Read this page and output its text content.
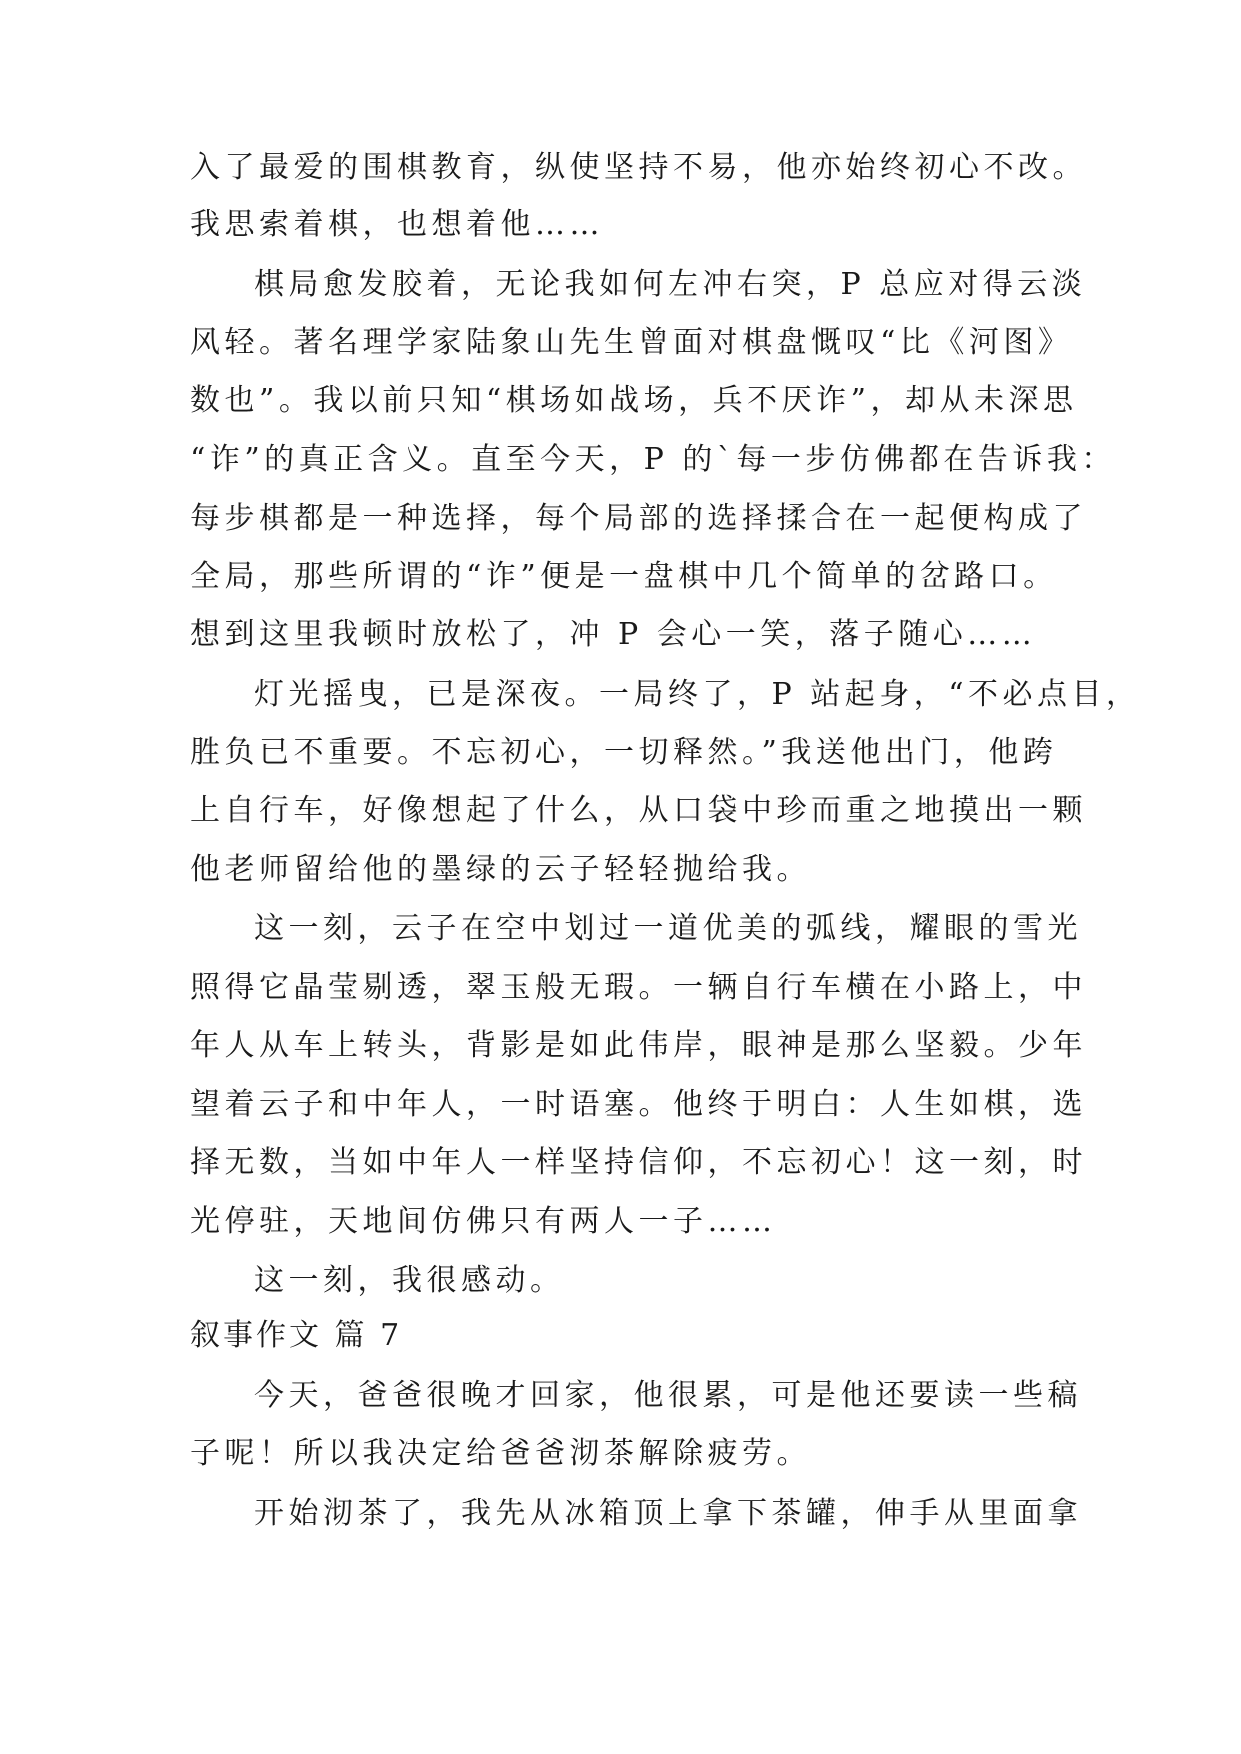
入了最爱的围棋教育，纵使坚持不易，他亦始终初心不改。
我思索着棋，也想着他……
棋局愈发胶着，无论我如何左冲右突，P 总应对得云淡
风轻。著名理学家陆象山先生曾面对棋盘慨叹“比《河图》
数也”。我以前只知“棋场如战场，兵不厌诈”，却从未深思
“诈”的真正含义。直至今天，P 的`每一步仿佛都在告诉我：
每步棋都是一种选择，每个局部的选择揉合在一起便构成了
全局，那些所谓的“诈”便是一盘棋中几个简单的岔路口。
想到这里我顿时放松了，冲 P 会心一笑，落子随心……
灯光摇曳，已是深夜。一局终了，P 站起身，“不必点目，
胜负已不重要。不忘初心，一切释然。”我送他出门，他跨
上自行车，好像想起了什么，从口袋中珍而重之地摸出一颗
他老师留给他的墨绿的云子轻轻抛给我。
这一刻，云子在空中划过一道优美的弧线，耀眼的雪光
照得它晶莹剔透，翠玉般无瑕。一辆自行车横在小路上，中
年人从车上转头，背影是如此伟岸，眼神是那么坚毅。少年
望着云子和中年人，一时语塞。他终于明白：人生如棋，选
择无数，当如中年人一样坚持信仰，不忘初心！这一刻，时
光停驻，天地间仿佛只有两人一子……
这一刻，我很感动。
叙事作文 篇 7
今天，爸爸很晚才回家，他很累，可是他还要读一些稿
子呢！所以我决定给爸爸沏茶解除疲劳。
开始沏茶了，我先从冰箱顶上拿下茶罐，伸手从里面拿
